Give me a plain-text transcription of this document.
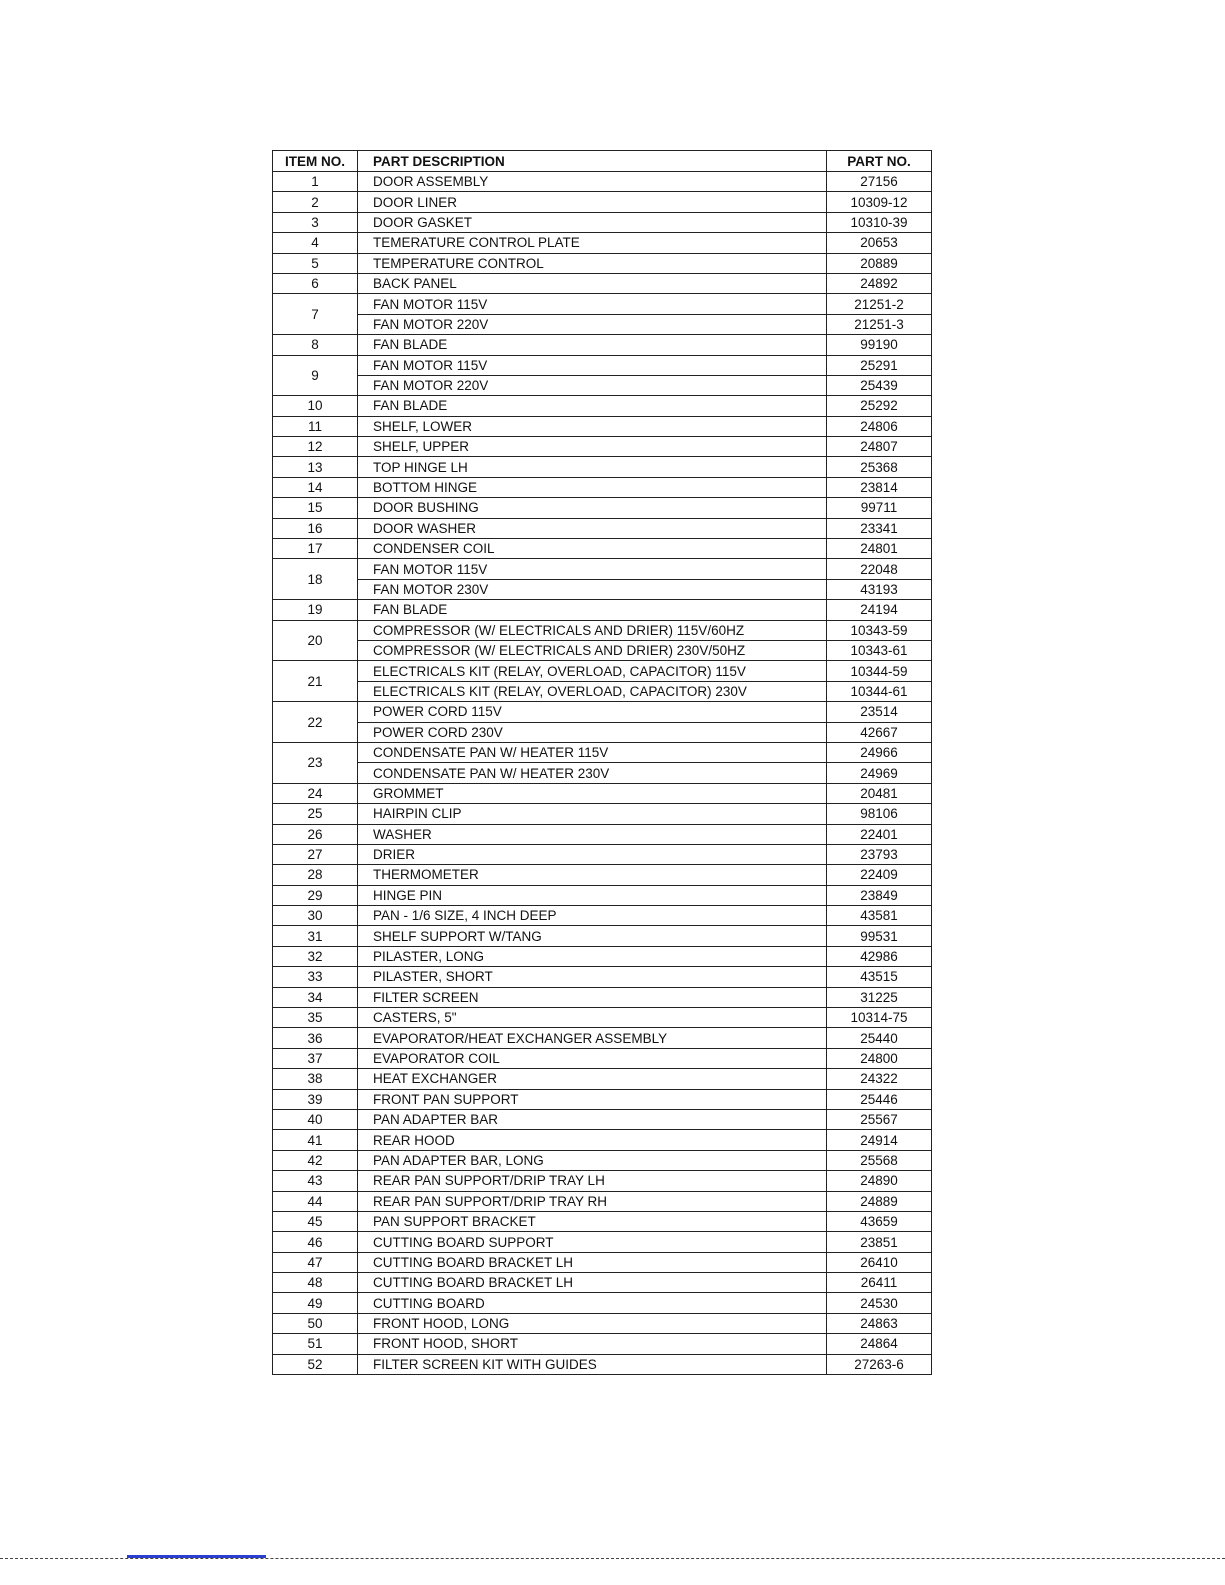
ITEM NO.	PART DESCRIPTION	PART NO.
1	DOOR ASSEMBLY	27156
2	DOOR LINER	10309-12
3	DOOR GASKET	10310-39
4	TEMERATURE CONTROL PLATE	20653
5	TEMPERATURE CONTROL	20889
6	BACK PANEL	24892
7	FAN MOTOR 115V	21251-2
	FAN MOTOR 220V	21251-3
8	FAN BLADE	99190
9	FAN MOTOR 115V	25291
	FAN MOTOR 220V	25439
10	FAN BLADE	25292
11	SHELF, LOWER	24806
12	SHELF, UPPER	24807
13	TOP HINGE LH	25368
14	BOTTOM HINGE	23814
15	DOOR BUSHING	99711
16	DOOR WASHER	23341
17	CONDENSER COIL	24801
18	FAN MOTOR 115V	22048
	FAN MOTOR 230V	43193
19	FAN BLADE	24194
20	COMPRESSOR (W/ ELECTRICALS AND DRIER) 115V/60HZ	10343-59
	COMPRESSOR (W/ ELECTRICALS AND DRIER) 230V/50HZ	10343-61
21	ELECTRICALS KIT (RELAY, OVERLOAD, CAPACITOR) 115V	10344-59
	ELECTRICALS KIT (RELAY, OVERLOAD, CAPACITOR) 230V	10344-61
22	POWER CORD 115V	23514
	POWER CORD 230V	42667
23	CONDENSATE PAN W/ HEATER 115V	24966
	CONDENSATE PAN W/ HEATER 230V	24969
24	GROMMET	20481
25	HAIRPIN CLIP	98106
26	WASHER	22401
27	DRIER	23793
28	THERMOMETER	22409
29	HINGE PIN	23849
30	PAN - 1/6 SIZE, 4 INCH DEEP	43581
31	SHELF SUPPORT W/TANG	99531
32	PILASTER, LONG	42986
33	PILASTER, SHORT	43515
34	FILTER SCREEN	31225
35	CASTERS, 5"	10314-75
36	EVAPORATOR/HEAT EXCHANGER ASSEMBLY	25440
37	EVAPORATOR COIL	24800
38	HEAT EXCHANGER	24322
39	FRONT PAN SUPPORT	25446
40	PAN ADAPTER BAR	25567
41	REAR HOOD	24914
42	PAN ADAPTER BAR, LONG	25568
43	REAR PAN SUPPORT/DRIP TRAY LH	24890
44	REAR PAN SUPPORT/DRIP TRAY RH	24889
45	PAN SUPPORT BRACKET	43659
46	CUTTING BOARD SUPPORT	23851
47	CUTTING BOARD BRACKET LH	26410
48	CUTTING BOARD BRACKET LH	26411
49	CUTTING BOARD	24530
50	FRONT HOOD, LONG	24863
51	FRONT HOOD, SHORT	24864
52	FILTER SCREEN KIT WITH GUIDES	27263-6
